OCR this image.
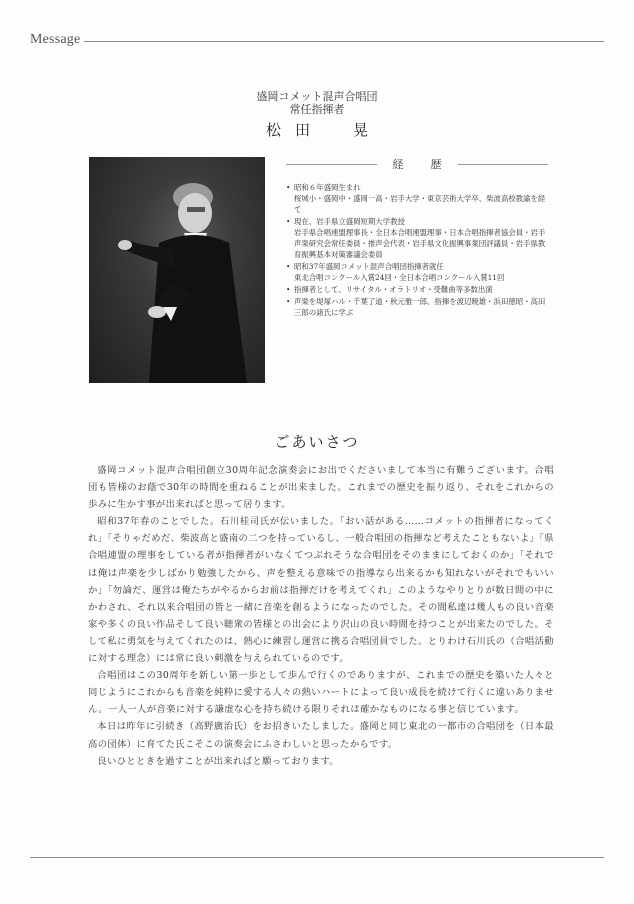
Message
盛岡コメット混声合唱団
常任指揮者
松田　晃
経　歴
• 昭和６年盛岡生まれ
桜城小・盛岡中・盛岡一高・岩手大学・東京芸術大学卒、柴波高校教諭を経て
• 現在、岩手県立盛岡短期大学教授
岩手県合唱連盟理事長・全日本合唱連盟理事・日本合唱指揮者協会員・岩手声楽研究会常任委員・推声会代表・岩手県文化振興事業団評議員・岩手県教育振興基本対策審議会委員
• 昭和37年盛岡コメット混声合唱団指揮者就任
東北合唱コンクール入賞24回・全日本合唱コンクール入賞11回
• 指揮者として、リサイタル・オラトリオ・受難曲等多数出演
• 声楽を堤塚ハル・千葉了道・秋元雅一郎、指揮を渡辺暁雄・浜田徳昭・高田三郎の諸氏に学ぶ
ごあいさつ

盛岡コメット混声合唱団創立30周年記念演奏会にお出でくださいまして本当に有難うございます。合唱団も皆様のお蔭で30年の時間を重ねることが出来ました。これまでの歴史を振り返り、それをこれからの歩みに生かす事が出来ればと思って居ります。

昭和37年春のことでした。石川桂司氏が伝いました。「おい話がある……コメットの指揮者になってくれ」「そりゃだめだ、柴波高と盛南の二つを持っているし、一般合唱団の指揮など考えたこともないよ」「県合唱連盟の理事をしている者が指揮者がいなくてつぶれそうな合唱団をそのままにしておくのか」「それでは俺は声楽を少しばかり勉強したから、声を整える意味での指導なら出来るかも知れないがそれでもいいか」「勿論だ、運営は俺たちがやるからお前は指揮だけを考えてくれ」このようなやりとりが数日間の中にかわされ、それ以来合唱団の皆と一緒に音楽を創るようになったのでした。その間私達は幾人もの良い音楽家や多くの良い作品そして良い聴衆の皆様との出会により沢山の良い時間を持つことが出来たのでした。そして私に勇気を与えてくれたのは、熱心に練習し運営に携る合唱団員でした。とりわけ石川氏の（合唱活動に対する理念）には常に良い刺激を与えられているのです。

合唱団はこの30周年を新しい第一歩として歩んで行くのでありますが、これまでの歴史を築いた人々と同じようにこれからも音楽を純粋に愛する人々の熱いハートによって良い成長を続けて行くに違いありません。一人一人が音楽に対する謙虚な心を持ち続ける限りそれは確かなものになる事と信じています。

本日は昨年に引続き（高野廣治氏）をお招きいたしました。盛岡と同じ東北の一都市の合唱団を（日本最高の団体）に育てた氏こそこの演奏会にふさわしいと思ったからです。

良いひとときを過すことが出来ればと願っております。
